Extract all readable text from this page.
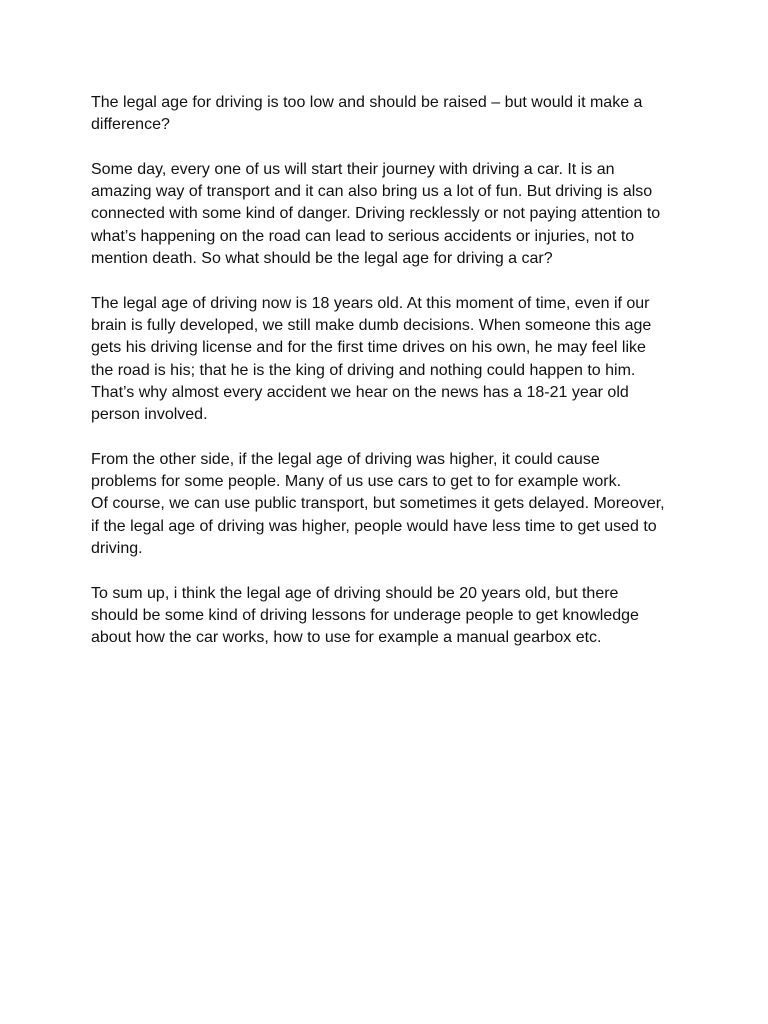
The legal age for driving is too low and should be raised – but would it make a
difference?
Some day, every one of us will start their journey with driving a car. It is an
amazing way of transport and it can also bring us a lot of fun. But driving is also
connected with some kind of danger. Driving recklessly or not paying attention to
what’s happening on the road can lead to serious accidents or injuries, not to
mention death. So what should be the legal age for driving a car?
The legal age of driving now is 18 years old. At this moment of time, even if our
brain is fully developed, we still make dumb decisions. When someone this age
gets his driving license and for the first time drives on his own, he may feel like
the road is his; that he is the king of driving and nothing could happen to him.
That’s why almost every accident we hear on the news has a 18-21 year old
person involved.
From the other side, if the legal age of driving was higher, it could cause
problems for some people. Many of us use cars to get to for example work.
Of course, we can use public transport, but sometimes it gets delayed. Moreover,
if the legal age of driving was higher, people would have less time to get used to
driving.
To sum up, i think the legal age of driving should be 20 years old, but there
should be some kind of driving lessons for underage people to get knowledge
about how the car works, how to use for example a manual gearbox etc.
